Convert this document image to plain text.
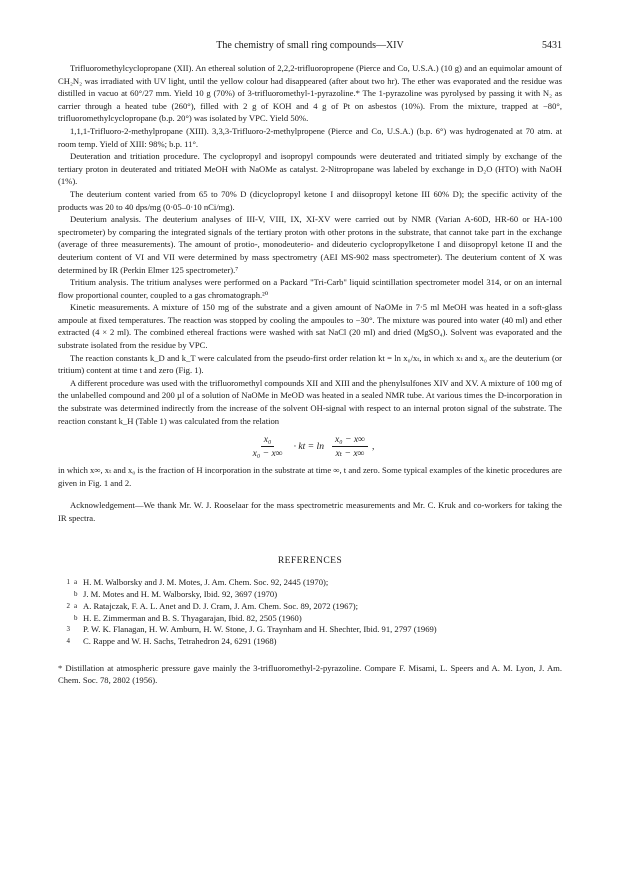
The chemistry of small ring compounds—XIV	5431

Trifluoromethylcyclopropane (XII). An ethereal solution of 2,2,2-trifluoropropene (Pierce and Co, U.S.A.) (10 g) and an equimolar amount of CH₂N₂ was irradiated with UV light, until the yellow colour had disappeared (after about two hr). The ether was evaporated and the residue was distilled in vacuo at 60°/27 mm. Yield 10 g (70%) of 3-trifluoromethyl-1-pyrazoline.* The 1-pyrazoline was pyrolysed by passing it with N₂ as carrier through a heated tube (260°), filled with 2 g of KOH and 4 g of Pt on asbestos (10%). From the mixture, trapped at −80°, trifluoromethylcyclopropane (b.p. 20°) was isolated by VPC. Yield 50%.

1,1,1-Trifluoro-2-methylpropane (XIII). 3,3,3-Trifluoro-2-methylpropene (Pierce and Co, U.S.A.) (b.p. 6°) was hydrogenated at 70 atm. at room temp. Yield of XIII: 98%; b.p. 11°.

Deuteration and tritiation procedure. The cyclopropyl and isopropyl compounds were deuterated and tritiated simply by exchange of the tertiary proton in deuterated and tritiated MeOH with NaOMe as catalyst. 2-Nitropropane was labeled by exchange in D₂O (HTO) with NaOH (1%).

The deuterium content varied from 65 to 70% D (dicyclopropyl ketone I and diisopropyl ketone III 60% D); the specific activity of the products was 20 to 40 dps/mg (0·05–0·10 nCi/mg).

Deuterium analysis. The deuterium analyses of III-V, VIII, IX, XI-XV were carried out by NMR (Varian A-60D, HR-60 or HA-100 spectrometer) by comparing the integrated signals of the tertiary proton with other protons in the substrate, that cannot take part in the exchange (average of three measurements). The amount of protio-, monodeuterio- and dideuterio cyclopropylketone I and diisopropyl ketone II and the deuterium content of VI and VII were determined by mass spectrometry (AEI MS-902 mass spectrometer). The deuterium content of X was determined by IR (Perkin Elmer 125 spectrometer).⁷

Tritium analysis. The tritium analyses were performed on a Packard "Tri-Carb" liquid scintillation spectrometer model 314, or on an internal flow proportional counter, coupled to a gas chromatograph.²⁰

Kinetic measurements. A mixture of 150 mg of the substrate and a given amount of NaOMe in 7·5 ml MeOH was heated in a soft-glass ampoule at fixed temperatures. The reaction was stopped by cooling the ampoules to −30°. The mixture was poured into water (40 ml) and ether extracted (4 × 2 ml). The combined ethereal fractions were washed with sat NaCl (20 ml) and dried (MgSO₄). Solvent was evaporated and the substrate isolated from the residue by VPC.

The reaction constants k_D and k_T were calculated from the pseudo-first order relation kt = ln x₀/xₜ, in which xₜ and x₀ are the deuterium (or tritium) content at time t and zero (Fig. 1).

A different procedure was used with the trifluoromethyl compounds XII and XIII and the phenylsulfones XIV and XV. A mixture of 100 mg of the unlabelled compound and 200 µl of a solution of NaOMe in MeOD was heated in a sealed NMR tube. At various times the D-incorporation in the substrate was determined indirectly from the increase of the solvent OH-signal with respect to an internal proton signal of the substrate. The reaction constant k_H (Table 1) was calculated from the relation

$\frac{\text{x₀}}{\text{x₀ − x∞}}$ · kt = $\ln \frac{\text{x₀ − x∞}}{\text{xₜ − x∞}}$ ,

in which x∞, xₜ and x₀ is the fraction of H incorporation in the substrate at time ∞, t and zero. Some typical examples of the kinetic procedures are given in Fig. 1 and 2.

Acknowledgement—We thank Mr. W. J. Rooselaar for the mass spectrometric measurements and Mr. C. Kruk and co-workers for taking the IR spectra.

REFERENCES
1 a H. M. Walborsky and J. M. Motes, J. Am. Chem. Soc. 92, 2445 (1970);
b J. M. Motes and H. M. Walborsky, Ibid. 92, 3697 (1970)
2 a A. Ratajczak, F. A. L. Anet and D. J. Cram, J. Am. Chem. Soc. 89, 2072 (1967);
b H. E. Zimmerman and B. S. Thyagarajan, Ibid. 82, 2505 (1960)
3	P. W. K. Flanagan, H. W. Amburn, H. W. Stone, J. G. Traynham and H. Shechter, Ibid. 91, 2797 (1969)
4	C. Rappe and W. H. Sachs, Tetrahedron 24, 6291 (1968)
* Distillation at atmospheric pressure gave mainly the 3-trifluoromethyl-2-pyrazoline. Compare F. Misami, L. Speers and A. M. Lyon, J. Am. Chem. Soc. 78, 2802 (1956).
